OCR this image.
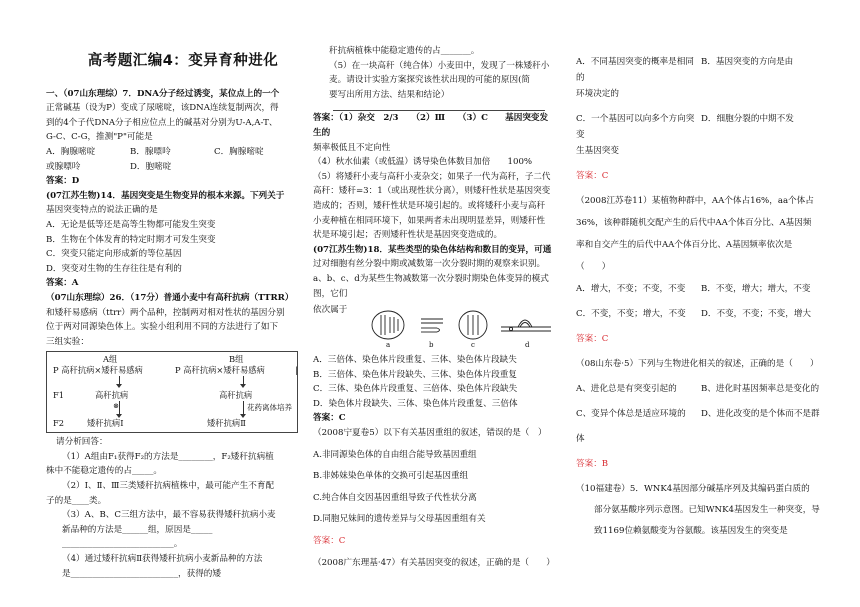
高考题汇编4：变异育种进化
一、（07山东理综）7．DNA分子经过诱变，某位点上的一个
正常碱基（设为P）变成了尿嘧啶，该DNA连续复制两次，得
到的4个子代DNA分子相应位点上的碱基对分别为U-A,A-T、
G-C、C-G，推测"P"可能是
A．胸腺嘧啶	B．腺嘌呤	C．胸腺嘧啶
或腺嘌呤	D．胞嘧啶
答案：D
(07江苏生物)14．基因突变是生物变异的根本来源。下列关于
基因突变特点的说法正确的是
A．无论是低等还是高等生物都可能发生突变
B．生物在个体发育的特定时期才可发生突变
C．突变只能定向形成新的等位基因
D．突变对生物的生存往往是有利的
答案：A
（07山东理综）26．（17分）普通小麦中有高秆抗病（TTRR）
和矮秆易感病（ttrr）两个品种，控制两对相对性状的基因分别
位于两对同源染色体上。实验小组利用不同的方法进行了如下
三组实验：
A组	B组
P 高秆抗病×矮秆易感病	P 高秆抗病×矮秆易感病	|
F1	高秆抗病	高秆抗病
⊗	花药离体培养
F2	矮秆抗病Ⅰ	矮秆抗病Ⅱ
请分析回答：
（1）A组由F₁获得F₂的方法是________，F₂矮秆抗病植
株中不能稳定遗传的占_____。
（2）Ⅰ、Ⅱ、Ⅲ三类矮秆抗病植株中，最可能产生不育配
子的是____类。
（3）A、B、C三组方法中，最不容易获得矮秆抗病小麦
新品种的方法是______组，原因是_____
__________________________。
（4）通过矮秆抗病Ⅱ获得矮秆抗病小麦新品种的方法
是_________________________，获得的矮
秆抗病植株中能稳定遗传的占_______。
（5）在一块高秆（纯合体）小麦田中，发现了一株矮秆小
麦。请设计实验方案探究该性状出现的可能的原因(简
要写出所用方法、结果和结论）
答案：（1）杂交　2/3　　（2）Ⅲ　　（3）C　　基因突变发生的
频率极低且不定向性
（4）秋水仙素（或低温）诱导染色体数目加倍　　100%
（5）将矮秆小麦与高秆小麦杂交；如果子一代为高秆，子二代
高秆：矮秆=3：1（或出现性状分离），则矮秆性状是基因突变
造成的；否则，矮秆性状是环境引起的。或将矮秆小麦与高秆
小麦种植在相同环境下，如果两者未出现明显差异，则矮秆性
状是环境引起；否则矮秆性状是基因突变造成的。
(07江苏生物)18．某些类型的染色体结构和数目的变异，可通
过对细胞有丝分裂中期或减数第一次分裂时期的观察来识别。
a、b、c、d为某些生物减数第一次分裂时期染色体变异的模式
图，它们
依次属于
a	b	c	d
A．三倍体、染色体片段重复、三体、染色体片段缺失
B．三倍体、染色体片段缺失、三体、染色体片段重复
C．三体、染色体片段重复、三倍体、染色体片段缺失
D．染色体片段缺失、三体、染色体片段重复、三倍体
答案：C
（2008宁夏卷5）以下有关基因重组的叙述，错误的是（　）
A.非同源染色体的自由组合能导致基因重组
B.非姊妹染色单体的交换可引起基因重组
C.纯合体自交因基因重组导致子代性状分离
D.同胞兄妹间的遗传差异与父母基因重组有关
答案：C
（2008广东理基·47）有关基因突变的叙述，正确的是（　　）
A．不同基因突变的概率是相同的
B．基因突变的方向是由

环境决定的

C．一个基因可以向多个方向突变
D．细胞分裂的中期不发

生基因突变

答案：C

（2008江苏卷11）某植物种群中，AA个体占16%，aa个体占

36%，该种群随机交配产生的后代中AA个体百分比、A基因频

率和自交产生的后代中AA个体百分比、A基因频率依次是

（　　）

A．增大，不变；不变，不变	B．不变，增大；增大，不变
C．不变，不变；增大，不变	D．不变，不变；不变，增大

答案：C

（08山东卷·5）下列与生物进化相关的叙述，正确的是（　　）

A、进化总是有突变引起的	B、进化时基因频率总是变化的
C、变异个体总是适应环境的	D、进化改变的是个体而不是群

体

答案：B

（10福建卷）5．WNK4基因部分碱基序列及其编码蛋白质的

部分氨基酸序列示意图。已知WNK4基因发生一种突变，导

致1169位赖氨酸变为谷氨酸。该基因发生的突变是
